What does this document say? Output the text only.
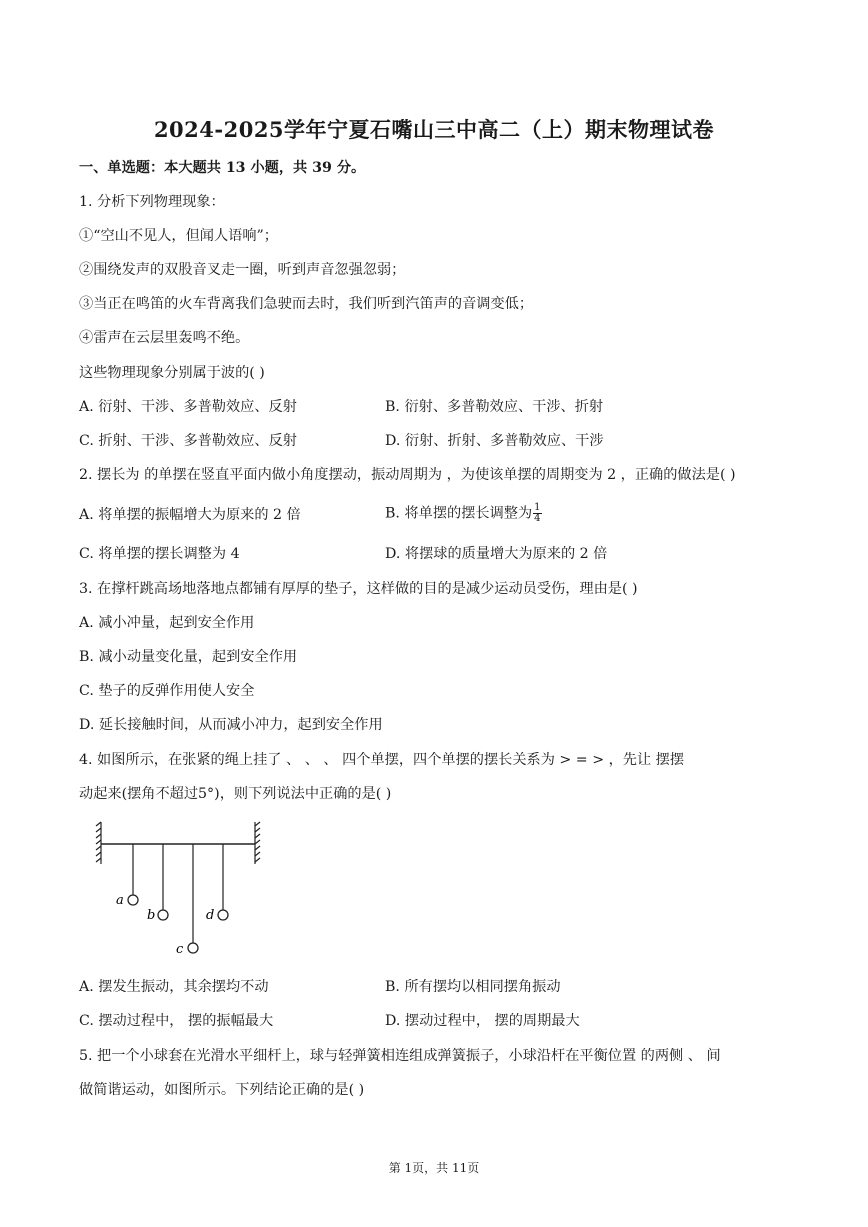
2024-2025学年宁夏石嘴山三中高二（上）期末物理试卷
一、单选题：本大题共 13 小题，共 39 分。
1. 分析下列物理现象：
①“空山不见人，但闻人语响”；
②围绕发声的双股音叉走一圈，听到声音忽强忽弱；
③当正在鸣笛的火车背离我们急驶而去时，我们听到汽笛声的音调变低；
④雷声在云层里轰鸣不绝。
这些物理现象分别属于波的( )
A. 衍射、干涉、多普勒效应、反射	B. 衍射、多普勒效应、干涉、折射
C. 折射、干涉、多普勒效应、反射	D. 衍射、折射、多普勒效应、干涉
2. 摆长为 的单摆在竖直平面内做小角度摆动，振动周期为 ，为使该单摆的周期变为 2 ，正确的做法是( )
A. 将单摆的振幅增大为原来的 2 倍	B. 将单摆的摆长调整为 $\frac{1}{4}$
C. 将单摆的摆长调整为 4	D. 将摆球的质量增大为原来的 2 倍
3. 在撑杆跳高场地落地点都铺有厚厚的垫子，这样做的目的是减少运动员受伤，理由是( )
A. 减小冲量，起到安全作用
B. 减小动量变化量，起到安全作用
C. 垫子的反弹作用使人安全
D. 延长接触时间，从而减小冲力，起到安全作用
4. 如图所示，在张紧的绳上挂了 、 、 、 四个单摆，四个单摆的摆长关系为 > = > ，先让 摆摆
动起来(摆角不超过5°)，则下列说法中正确的是( )
a
b
c
d
A. 摆发生振动，其余摆均不动	B. 所有摆均以相同摆角振动
C. 摆动过程中， 摆的振幅最大	D. 摆动过程中， 摆的周期最大
5. 把一个小球套在光滑水平细杆上，球与轻弹簧相连组成弹簧振子，小球沿杆在平衡位置 的两侧 、 间
做简谐运动，如图所示。下列结论正确的是( )
第 1页，共 11页
